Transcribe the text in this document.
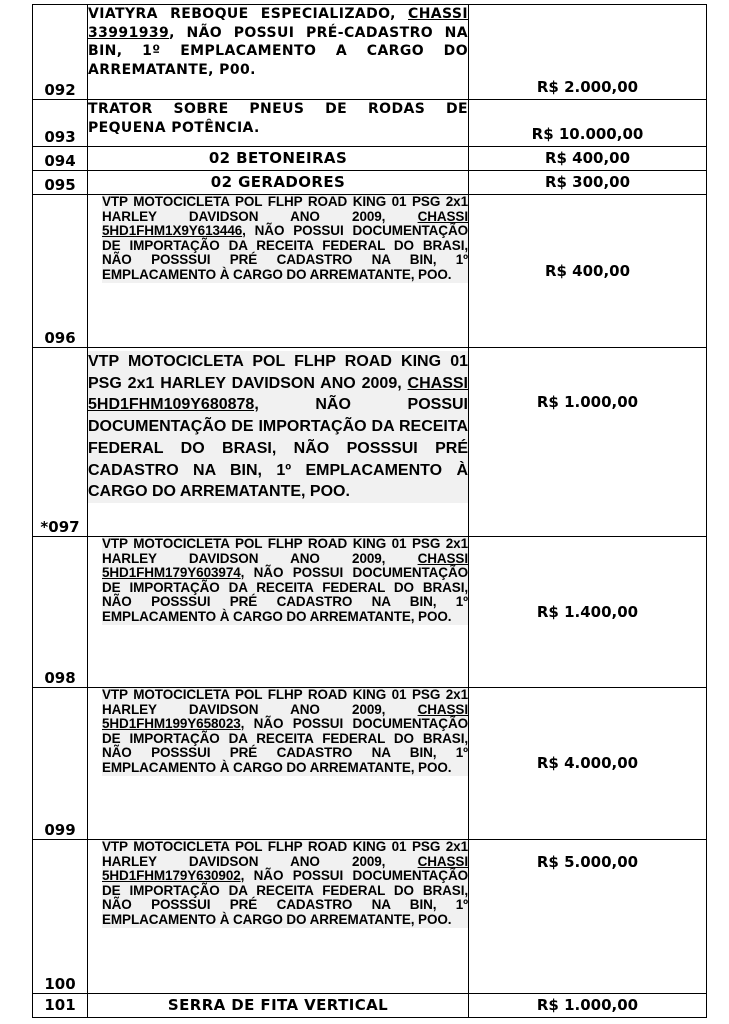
092	VIATYRA REBOQUE ESPECIALIZADO, CHASSI 33991939, NÃO POSSUI PRÉ-CADASTRO NA BIN, 1º EMPLACAMENTO A CARGO DO ARREMATANTE, P00.	R$ 2.000,00
093	TRATOR SOBRE PNEUS DE RODAS DE PEQUENA POTÊNCIA.	R$ 10.000,00
094	02 BETONEIRAS	R$ 400,00
095	02 GERADORES	R$ 300,00
096	VTP MOTOCICLETA POL FLHP ROAD KING 01 PSG 2x1 HARLEY DAVIDSON ANO 2009, CHASSI 5HD1FHM1X9Y613446, NÃO POSSUI DOCUMENTAÇÃO DE IMPORTAÇÃO DA RECEITA FEDERAL DO BRASI, NÃO POSSSUI PRÉ CADASTRO NA BIN, 1º EMPLACAMENTO À CARGO DO ARREMATANTE, POO.	R$ 400,00
*097	VTP MOTOCICLETA POL FLHP ROAD KING 01 PSG 2x1 HARLEY DAVIDSON ANO 2009, CHASSI 5HD1FHM109Y680878, NÃO POSSUI DOCUMENTAÇÃO DE IMPORTAÇÃO DA RECEITA FEDERAL DO BRASI, NÃO POSSSUI PRÉ CADASTRO NA BIN, 1º EMPLACAMENTO À CARGO DO ARREMATANTE, POO.	R$ 1.000,00
098	VTP MOTOCICLETA POL FLHP ROAD KING 01 PSG 2x1 HARLEY DAVIDSON ANO 2009, CHASSI 5HD1FHM179Y603974, NÃO POSSUI DOCUMENTAÇÃO DE IMPORTAÇÃO DA RECEITA FEDERAL DO BRASI, NÃO POSSSUI PRÉ CADASTRO NA BIN, 1º EMPLACAMENTO À CARGO DO ARREMATANTE, POO.	R$ 1.400,00
099	VTP MOTOCICLETA POL FLHP ROAD KING 01 PSG 2x1 HARLEY DAVIDSON ANO 2009, CHASSI 5HD1FHM199Y658023, NÃO POSSUI DOCUMENTAÇÃO DE IMPORTAÇÃO DA RECEITA FEDERAL DO BRASI, NÃO POSSSUI PRÉ CADASTRO NA BIN, 1º EMPLACAMENTO À CARGO DO ARREMATANTE, POO.	R$ 4.000,00
100	VTP MOTOCICLETA POL FLHP ROAD KING 01 PSG 2x1 HARLEY DAVIDSON ANO 2009, CHASSI 5HD1FHM179Y630902, NÃO POSSUI DOCUMENTAÇÃO DE IMPORTAÇÃO DA RECEITA FEDERAL DO BRASI, NÃO POSSSUI PRÉ CADASTRO NA BIN, 1º EMPLACAMENTO À CARGO DO ARREMATANTE, POO.	R$ 5.000,00
101	SERRA DE FITA VERTICAL	R$ 1.000,00
